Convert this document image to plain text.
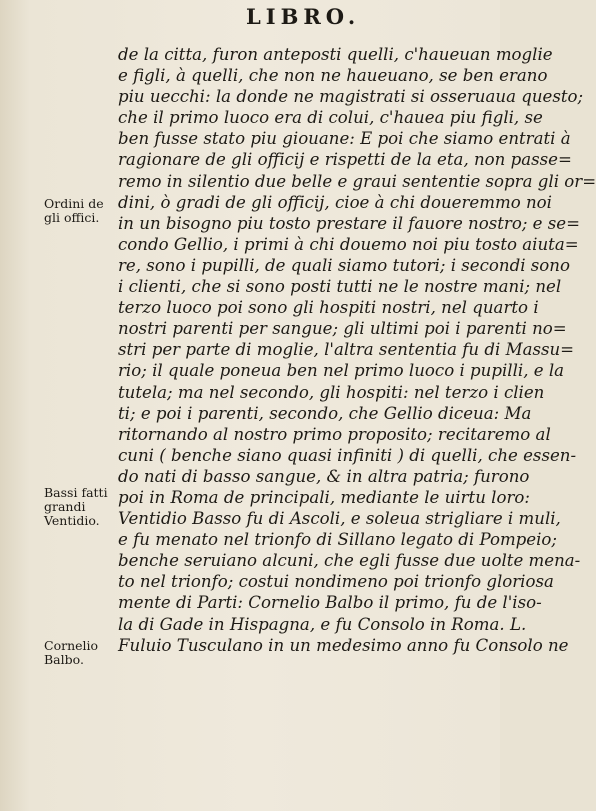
LIBRO.
de la citta, furon anteposti quelli, c'haueuan moglie
e figli, à quelli, che non ne haueuano, se ben erano
piu uecchi: la donde ne magistrati si osseruaua questo;
che il primo luoco era di colui, c'hauea piu figli, se
ben fusse stato piu giouane: E poi che siamo entrati à
ragionare de gli officij e rispetti de la eta, non passe=
remo in silentio due belle e graui sententie sopra gli or=
dini, ò gradi de gli officij, cioe à chi doueremmo noi
in un bisogno piu tosto prestare il fauore nostro; e se=
condo Gellio, i primi à chi douemo noi piu tosto aiuta=
re, sono i pupilli, de quali siamo tutori; i secondi sono
i clienti, che si sono posti tutti ne le nostre mani; nel
terzo luoco poi sono gli hospiti nostri, nel quarto i
nostri parenti per sangue; gli ultimi poi i parenti no=
stri per parte di moglie, l'altra sententia fu di Massu=
rio; il quale poneua ben nel primo luoco i pupilli, e la
tutela; ma nel secondo, gli hospiti: nel terzo i clien
ti; e poi i parenti, secondo, che Gellio diceua: Ma
ritornando al nostro primo proposito; recitaremo al
cuni ( benche siano quasi infiniti ) di quelli, che essen-
do nati di basso sangue, & in altra patria; furono
poi in Roma de principali, mediante le uirtu loro:
Ventidio Basso fu di Ascoli, e soleua strigliare i muli,
e fu menato nel trionfo di Sillano legato di Pompeio;
benche seruiano alcuni, che egli fusse due uolte mena-
to nel trionfo; costui nondimeno poi trionfo gloriosa
mente di Parti: Cornelio Balbo il primo, fu de l'iso-
la di Gade in Hispagna, e fu Consolo in Roma. L.
Fuluio Tusculano in un medesimo anno fu Consolo ne
Ordini de
gli offici.
Bassi fatti
grandi
Ventidio.
Cornelio
Balbo.
